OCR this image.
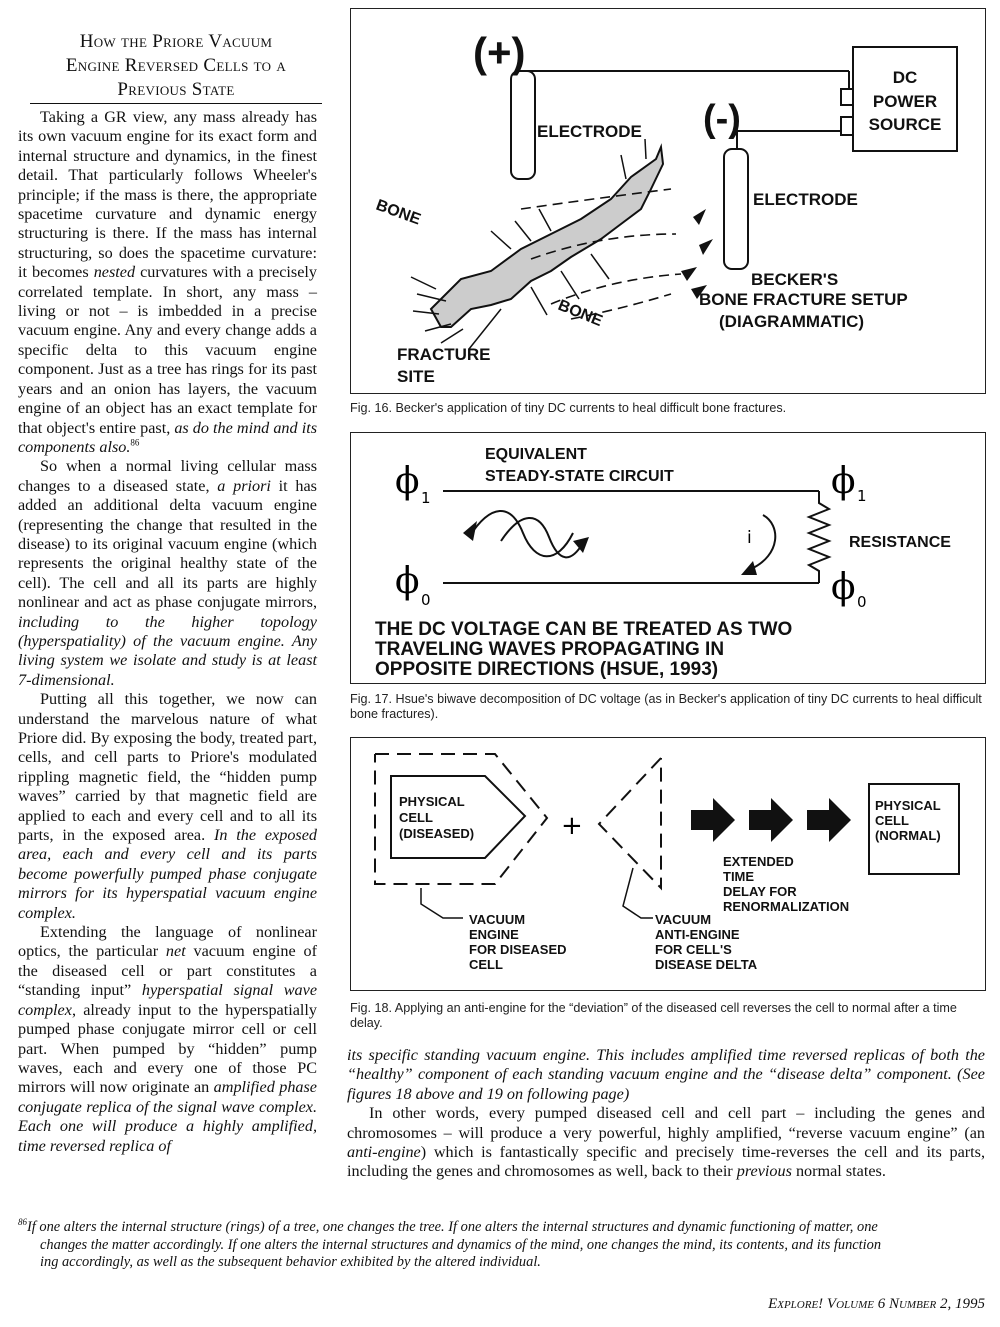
How the Priore Vacuum
Engine Reversed Cells to a
Previous State

Taking a GR view, any mass already has its own vacuum engine for its exact form and internal structure and dynamics, in the finest detail. That particularly follows Wheeler's principle; if the mass is there, the appropriate spacetime curvature and dynamic energy structuring is there. If the mass has internal structuring, so does the spacetime curvature: it becomes nested curvatures with a precisely correlated template. In short, any mass – living or not – is imbedded in a precise vacuum engine. Any and every change adds a specific delta to this vacuum engine component. Just as a tree has rings for its past years and an onion has layers, the vacuum engine of an object has an exact template for that object's entire past, as do the mind and its components also.$^{86}$

So when a normal living cellular mass changes to a diseased state, a priori it has added an additional delta vacuum engine (representing the change that resulted in the disease) to its original vacuum engine (which represents the original healthy state of the cell). The cell and all its parts are highly nonlinear and act as phase conjugate mirrors, including to the higher topology (hyperspatiality) of the vacuum engine. Any living system we isolate and study is at least 7-dimensional.

Putting all this together, we now can understand the marvelous nature of what Priore did. By exposing the body, treated part, cells, and cell parts to Priore's modulated rippling magnetic field, the “hidden pump waves” carried by that magnetic field are applied to each and every cell and to all its parts, in the exposed area. In the exposed area, each and every cell and its parts become powerfully pumped phase conjugate mirrors for its hyperspatial vacuum engine complex.

Extending the language of nonlinear optics, the particular net vacuum engine of the diseased cell or part constitutes a “standing input” hyperspatial signal wave complex, already input to the hyperspatially pumped phase conjugate mirror cell or cell part. When pumped by “hidden” pump waves, each and every one of those PC mirrors will now originate an amplified phase conjugate replica of the signal wave complex. Each one will produce a highly amplified, time reversed replica of

(+)
(-)
ELECTRODE
ELECTRODE
DC
POWER
SOURCE
BONE
BONE
BECKER'S
BONE FRACTURE SETUP
(DIAGRAMMATIC)
FRACTURE
SITE
Fig. 16. Becker's application of tiny DC currents to heal difficult bone fractures.
EQUIVALENT
STEADY-STATE CIRCUIT
ϕ 1
ϕ 0
ϕ 1
ϕ 0
RESISTANCE
i
THE DC VOLTAGE CAN BE TREATED AS TWO
TRAVELING WAVES PROPAGATING IN
OPPOSITE DIRECTIONS (HSUE, 1993)
Fig. 17. Hsue's biwave decomposition of DC voltage (as in Becker's application of tiny DC currents to heal difficult bone fractures).
PHYSICAL
CELL
(DISEASED)	+
PHYSICAL
CELL
(NORMAL)
EXTENDED
TIME
DELAY FOR
RENORMALIZATION
VACUUM
ENGINE
FOR DISEASED
CELL
VACUUM
ANTI-ENGINE
FOR CELL'S
DISEASE DELTA
Fig. 18. Applying an anti-engine for the “deviation” of the diseased cell reverses the cell to normal after a time delay.

its specific standing vacuum engine. This includes amplified time reversed replicas of both the “healthy” component of each standing vacuum engine and the “disease delta” component. (See figures 18 above and 19 on following page)

In other words, every pumped diseased cell and cell part – including the genes and chromosomes – will produce a very powerful, highly amplified, “reverse vacuum engine” (an anti-engine) which is fantastically specific and precisely time-reverses the cell and its parts, including the genes and chromosomes as well, back to their previous normal states.

$^{86}$If one alters the internal structure (rings) of a tree, one changes the tree. If one alters the internal structures and dynamic functioning of matter, one
changes the matter accordingly. If one alters the internal structures and dynamics of the mind, one changes the mind, its contents, and its function
ing accordingly, as well as the subsequent behavior exhibited by the altered individual.
Explore! Volume 6 Number 2, 1995
